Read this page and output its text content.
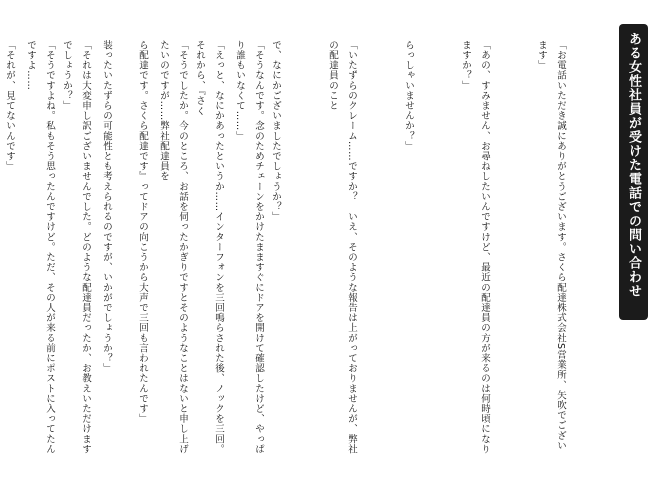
ある女性社員が受けた電話での問い合わせ

「お電話いただき誠にありがとうございます。さくら配達株式会社S営業所、矢吹でございます」

「あの、すみません、お尋ねしたいんですけど、最近の配達員の方が来るのは何時頃になりますか？」

らっしゃいませんか？」

「いたずらのクレーム……ですか？　いえ、そのような報告は上がっておりませんが、弊社の配達員のこと

で、なにかございましたでしょうか？」

「えっと、なにかあったというか……インターフォンを三回鳴らされた後、ノックを三回。それから、『さく

ら配達です。さくら配達です』ってドアの向こうから大声で三回も言われたんです」

「それは大変申し訳ございませんでした。どのような配達員だったか、お教えいただけますでしょうか？」

「それが、見てないんです」

	「そうなんです。念のためチェーンをかけたまますぐにドアを開けて確認したけど、やっぱり誰もいなくて……」

「そうでしたか。今のところ、お話を伺ったかぎりですとそのようなことはないと申し上げたいのですが……弊社配達員を

装ったいたずらの可能性とも考えられるのですが、いかがでしょうか？」

「そうですよね。私もそう思ったんですけど。ただ、その人が来る前にポストに入ってたんですよ……
